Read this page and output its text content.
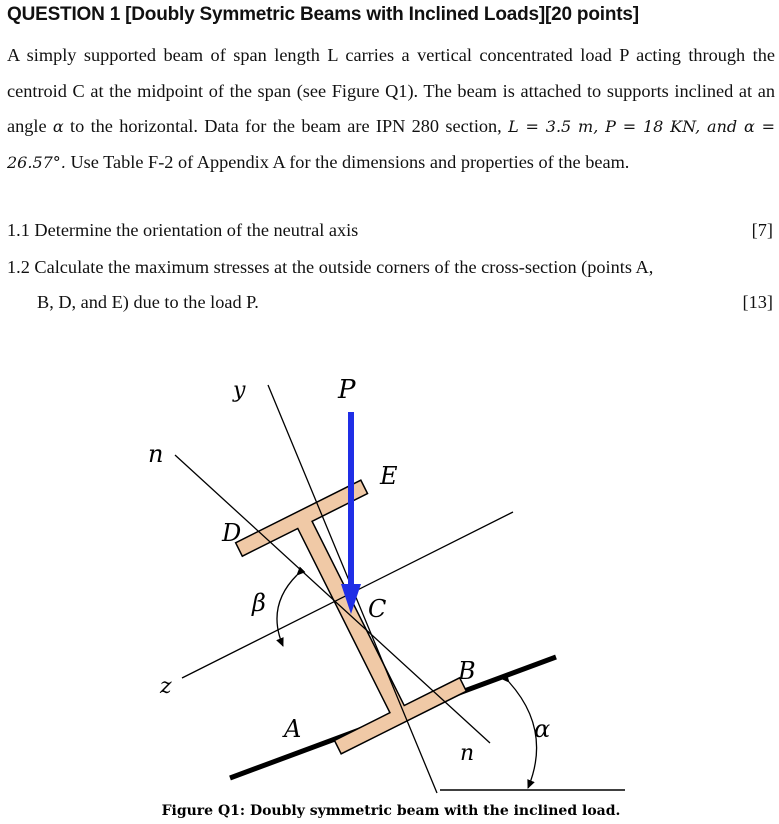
QUESTION 1 [Doubly Symmetric Beams with Inclined Loads][20 points]
A simply supported beam of span length L carries a vertical concentrated load P acting through the centroid C at the midpoint of the span (see Figure Q1). The beam is attached to supports inclined at an angle α to the horizontal. Data for the beam are IPN 280 section, L = 3.5 m, P = 18 KN, and α = 26.57°. Use Table F-2 of Appendix A for the dimensions and properties of the beam.
1.1 Determine the orientation of the neutral axis	[7]
1.2 Calculate the maximum stresses at the outside corners of the cross-section (points A,
B, D, and E) due to the load P.	[13]
y	P
n
E
D
β	C
z
B
A	α
n
Figure Q1: Doubly symmetric beam with the inclined load.
